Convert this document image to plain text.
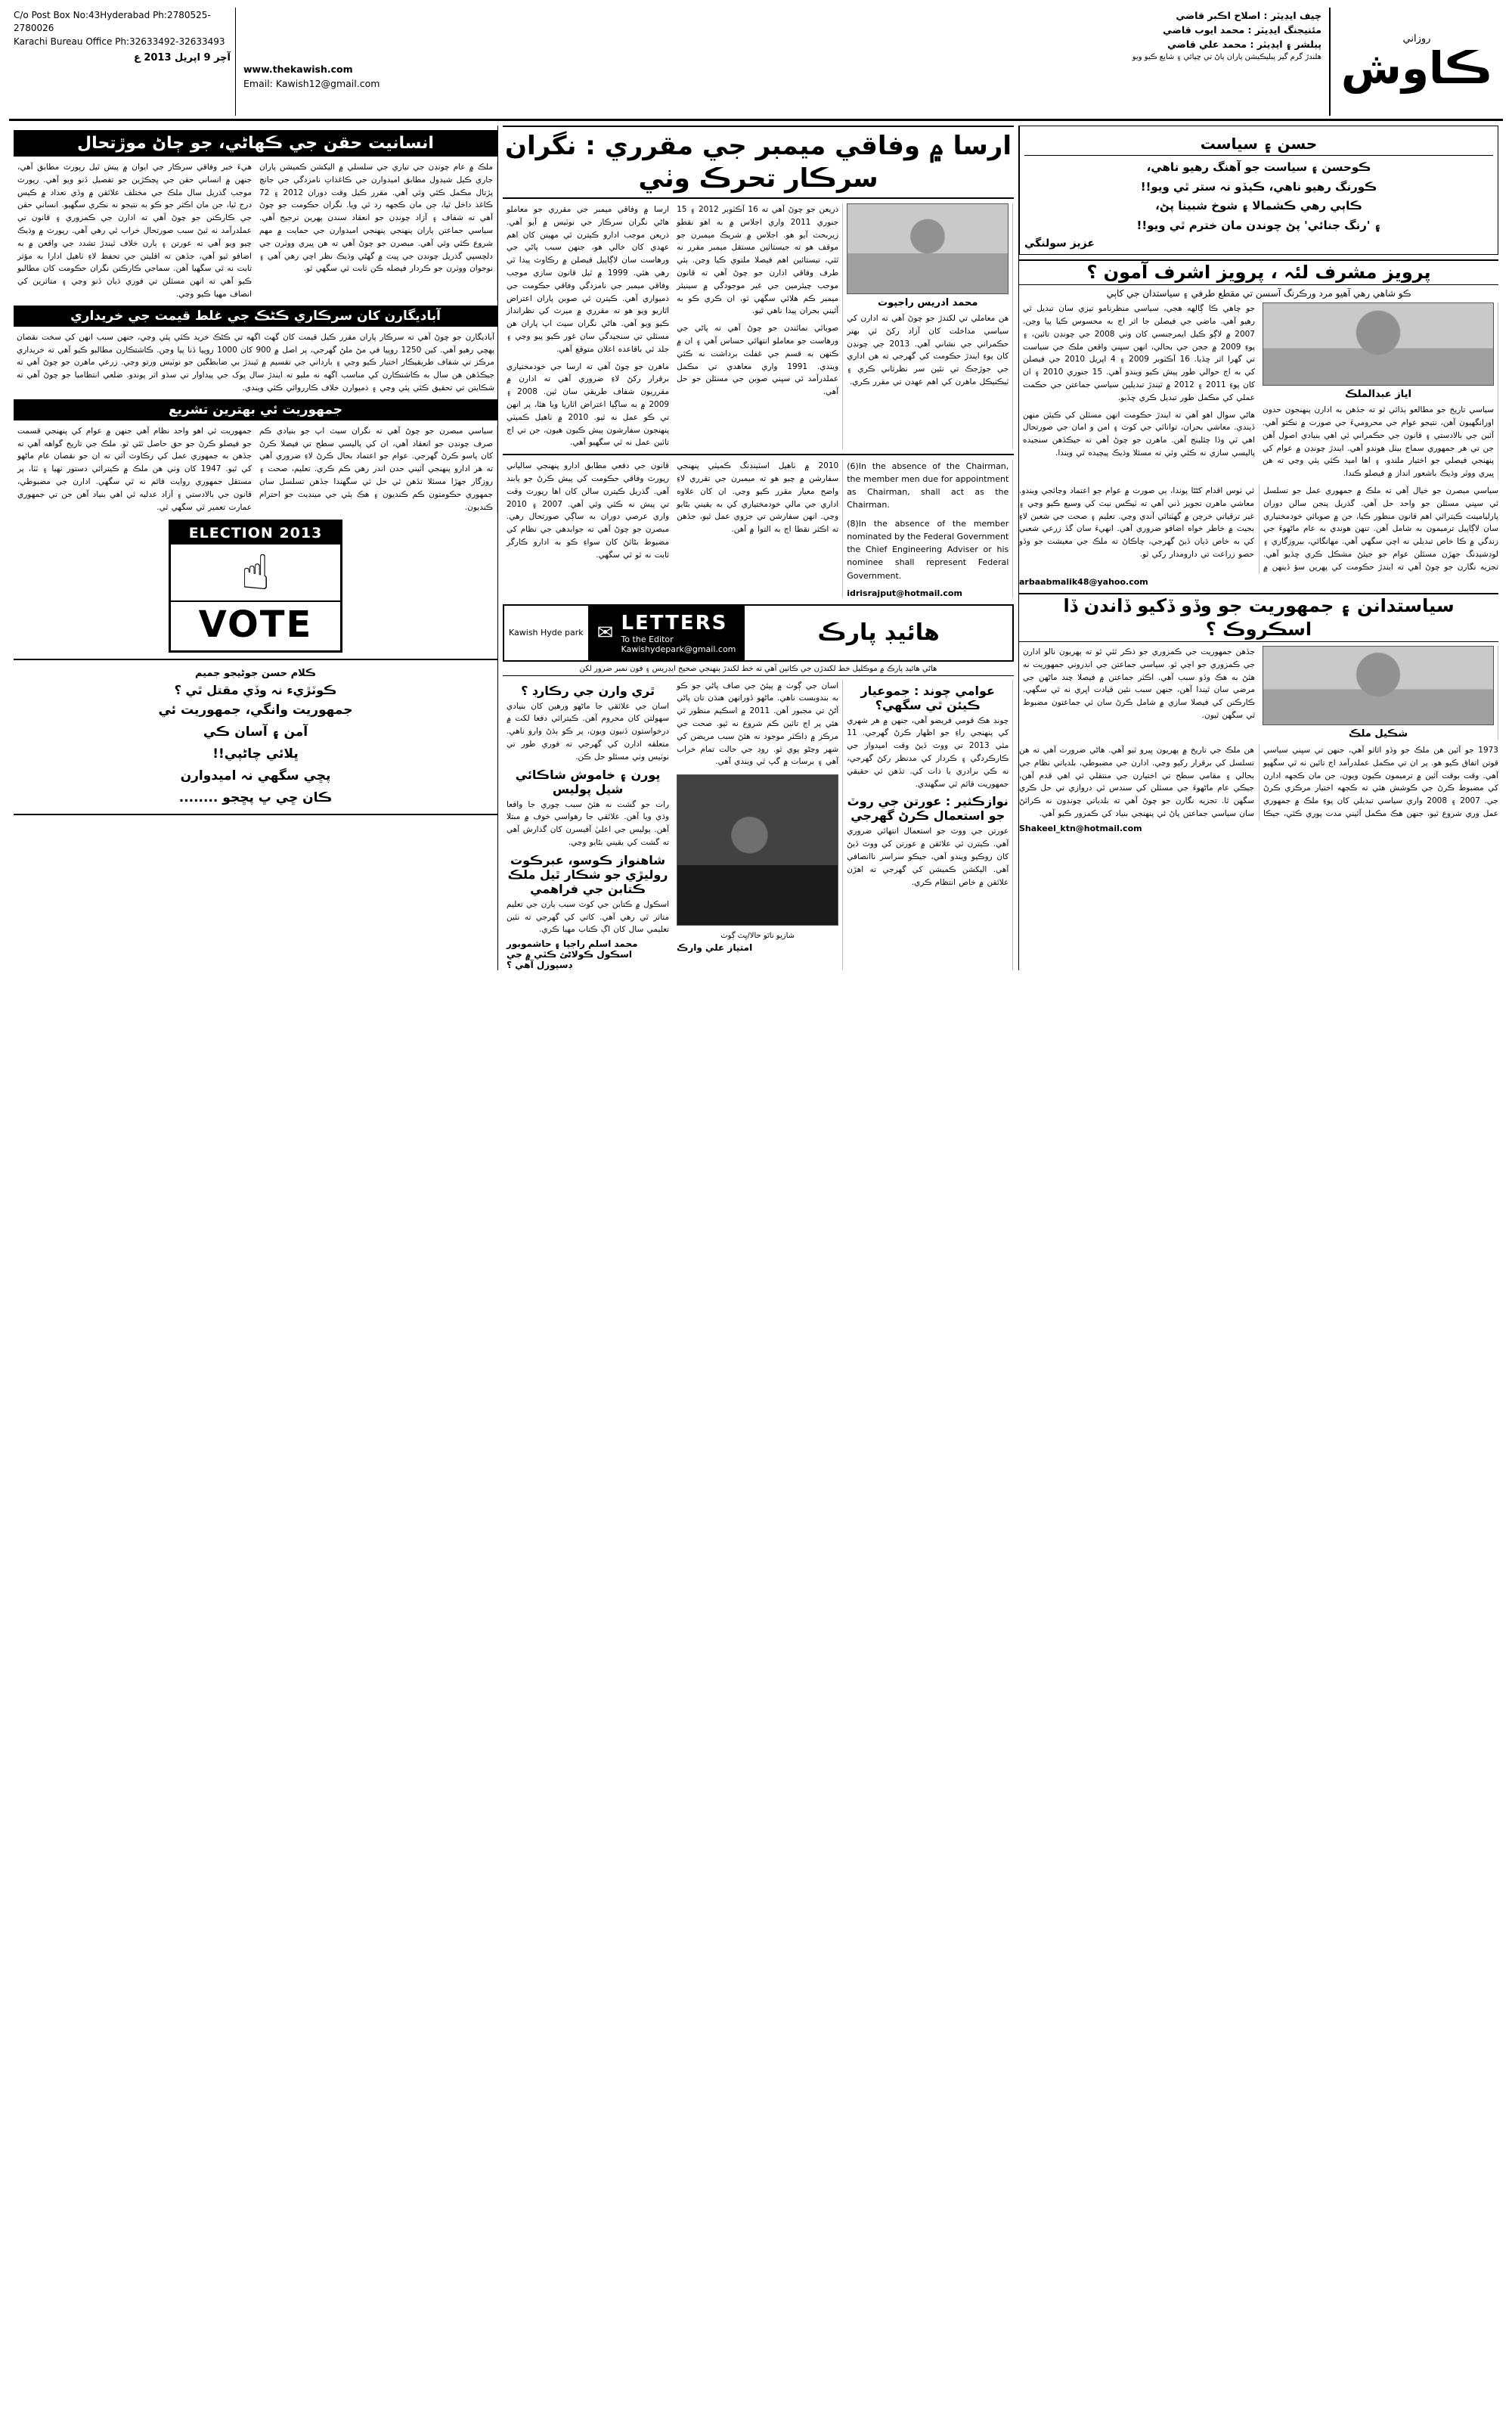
روزاني
ڪاوش
چيف ايڊيٽر : اصلاح اڪبر قاضي
مئنيجنگ ايڊيٽر : محمد ايوب قاضي
پبلشر ۽ ايڊيٽر : محمد علي قاضي
هلندڙ گرم گير پبليڪيشن پاران پاڻ تي ڇپائي ۽ شايع ڪيو ويو
www.thekawish.com
Email: Kawish12@gmail.com
C/o Post Box No:43Hyderabad Ph:2780525-2780026
Karachi Bureau Office Ph:32633492-32633493
آچر 9 اپريل 2013 ع
انسانيت حقن جي ڪهاڻي، جو ڄاڻ موڙتحال
هيءَ خبر وفاقي سرڪار جي ايوان ۾ پيش ٿيل رپورٽ مطابق آهي، جنهن ۾ انساني حقن جي ڀڃڪڙين جو تفصيل ڏنو ويو آهي. رپورٽ موجب گذريل سال ملڪ جي مختلف علائقن ۾ وڏي تعداد ۾ ڪيس درج ٿيا، جن مان اڪثر جو ڪو به نتيجو نه نڪري سگهيو. انساني حقن جي ڪارڪنن جو چوڻ آهي ته ادارن جي ڪمزوري ۽ قانون تي عملدرآمد نه ٿيڻ سبب صورتحال خراب ٿي رهي آهي. رپورٽ ۾ وڌيڪ چيو ويو آهي ته عورتن ۽ ٻارن خلاف ٿيندڙ تشدد جي واقعن ۾ به اضافو ٿيو آهي، جڏهن ته اقليتن جي تحفظ لاءِ ٺاهيل ادارا به مؤثر ثابت نه ٿي سگهيا آهن. سماجي ڪارڪنن نگران حڪومت کان مطالبو ڪيو آهي ته انهن مسئلن تي فوري ڌيان ڏنو وڃي ۽ متاثرين کي انصاف مهيا ڪيو وڃي.
ملڪ ۾ عام چونڊن جي تياري جي سلسلي ۾ الیکشن ڪميشن پاران جاري ڪيل شيڊول مطابق اميدوارن جي ڪاغذاتِ نامزدگي جي جانچ پڙتال مڪمل ڪئي وئي آهي. مقرر ڪيل وقت دوران 2012 ۽ 72 ڪاغذ داخل ٿيا، جن مان ڪجهه رد ٿي ويا. نگران حڪومت جو چوڻ آهي ته شفاف ۽ آزاد چونڊن جو انعقاد سندن پهرين ترجيح آهي. سياسي جماعتن پاران پنهنجي پنهنجي اميدوارن جي حمايت ۾ مهم شروع ڪئي وئي آهي. مبصرن جو چوڻ آهي ته هن ڀيري ووٽرن جي دلچسپي گذريل چونڊن جي ڀيٽ ۾ گهڻي وڌيڪ نظر اچي رهي آهي ۽ نوجوان ووٽرن جو ڪردار فيصله ڪن ثابت ٿي سگهي ٿو.
آباديگارن کان سرڪاري ڪڻڪ جي غلط قيمت جي خريداري
آباديگارن جو چوڻ آهي ته سرڪار پاران مقرر ڪيل قيمت کان گهٽ اگهه تي ڪڻڪ خريد ڪئي پئي وڃي، جنهن سبب انهن کي سخت نقصان پهچي رهيو آهي. کين 1250 روپيا في مڻ ملڻ گهرجي، پر اصل ۾ 900 کان 1000 روپيا ڏنا پيا وڃن. ڪاشتڪارن مطالبو ڪيو آهي ته خريداري مرڪز تي شفاف طريقيڪار اختيار ڪيو وڃي ۽ بارداني جي تقسيم ۾ ٿيندڙ بي ضابطگين جو نوٽيس ورتو وڃي. زرعي ماهرن جو چوڻ آهي ته جيڪڏهن هن سال به ڪاشتڪارن کي مناسب اگهه نه مليو ته ايندڙ سال پوک جي پيداوار تي سڌو اثر پوندو. ضلعي انتظاميا جو چوڻ آهي ته شڪايتن تي تحقيق ڪئي پئي وڃي ۽ ذميوارن خلاف ڪارروائي ڪئي ويندي.
جمهوريت ئي بهترين تشريع
جمهوريت ئي اهو واحد نظام آهي جنهن ۾ عوام کي پنهنجي قسمت جو فيصلو ڪرڻ جو حق حاصل ٿئي ٿو. ملڪ جي تاريخ گواهه آهي ته جڏهن به جمهوري عمل کي رڪاوٽ آئي ته ان جو نقصان عام ماڻهو کي ٿيو. 1947 کان وٺي هن ملڪ ۾ ڪيترائي دستور ٺهيا ۽ ٽٽا، پر مستقل جمهوري روايت قائم نه ٿي سگهي. ادارن جي مضبوطي، قانون جي بالادستي ۽ آزاد عدليه ئي اهي بنياد آهن جن تي جمهوري عمارت تعمير ٿي سگهي ٿي.
سياسي مبصرن جو چوڻ آهي ته نگران سيٽ اپ جو بنيادي ڪم صرف چونڊن جو انعقاد آهي، ان کي پاليسي سطح تي فيصلا ڪرڻ کان پاسو ڪرڻ گهرجي. عوام جو اعتماد بحال ڪرڻ لاءِ ضروري آهي ته هر ادارو پنهنجي آئيني حدن اندر رهي ڪم ڪري. تعليم، صحت ۽ روزگار جهڙا مسئلا تڏهن ئي حل ٿي سگهندا جڏهن تسلسل سان جمهوري حڪومتون ڪم ڪنديون ۽ هڪ ٻئي جي مينڊيٽ جو احترام ڪنديون.
ELECTION 2013
☝
VOTE
ڪلام حسن جوڻيجو جميم
ڪوٽڙيء نہ وڏي مقتل ٿي ؟
جمهوريت وانگي، جمهوريت ئي
آمن ۽ آسان ڪي
ڀلائي چاڻپي!!
پڇي سگهي نہ اميدوارن
ڪان ڇي ڀ پڇجو ........
ارسا ۾ وفاقي ميمبر جي مقرري : نگران سرڪار تحرڪ وٺي
ارسا ۾ وفاقي ميمبر جي مقرري جو معاملو هاڻي نگران سرڪار جي نوٽيس ۾ آيو آهي. ذريعن موجب ادارو ڪيترن ئي مهينن کان اهم عهدي کان خالي هو، جنهن سبب پاڻي جي ورهاست سان لاڳاپيل فيصلن ۾ رڪاوٽ پيدا ٿي رهي هئي. 1999 ۾ ٿيل قانون سازي موجب وفاقي ميمبر جي نامزدگي وفاقي حڪومت جي ذميواري آهي. ڪيترن ئي صوبن پاران اعتراض اٿاريو ويو هو ته مقرري ۾ ميرٽ کي نظرانداز ڪيو ويو آهي. هاڻي نگران سيٽ اپ پاران هن مسئلي تي سنجيدگي سان غور ڪيو پيو وڃي ۽ جلد ئي باقاعده اعلان متوقع آهي.
ماهرن جو چوڻ آهي ته ارسا جي خودمختياري برقرار رکڻ لاءِ ضروري آهي ته ادارن ۾ مقرريون شفاف طريقي سان ٿين. 2008 ۽ 2009 ۾ به ساڳيا اعتراض اٿاريا ويا هئا، پر انهن تي ڪو عمل نه ٿيو. 2010 ۾ ٺاهيل ڪميٽي پنهنجون سفارشون پيش ڪيون هيون، جن تي اڄ تائين عمل نه ٿي سگهيو آهي.
ذريعن جو چوڻ آهي ته 16 آڪٽوبر 2012 ۽ 15 جنوري 2011 واري اجلاس ۾ به اهو نقطو زيربحث آيو هو. اجلاس ۾ شريڪ ميمبرن جو موقف هو ته جيستائين مستقل ميمبر مقرر نه ٿئي، تيستائين اهم فيصلا ملتوي ڪيا وڃن. ٻئي طرف وفاقي ادارن جو چوڻ آهي ته قانون موجب چيئرمين جي غير موجودگي ۾ سينيئر ميمبر ڪم هلائي سگهي ٿو، ان ڪري ڪو به آئيني بحران پيدا ناهي ٿيو.
صوبائي نمائندن جو چوڻ آهي ته پاڻي جي ورهاست جو معاملو انتهائي حساس آهي ۽ ان ۾ ڪنهن به قسم جي غفلت برداشت نه ڪئي ويندي. 1991 واري معاهدي تي مڪمل عملدرآمد ئي سڀني صوبن جي مسئلن جو حل آهي.
محمد ادريس راجپوت
هن معاملي تي لکندڙ جو چوڻ آهي ته ادارن کي سياسي مداخلت کان آزاد رکڻ ئي بهتر حڪمراني جي نشاني آهي. 2013 جي چونڊن کان پوءِ ايندڙ حڪومت کي گهرجي ته هن اداري جي جوڙجڪ تي نئين سر نظرثاني ڪري ۽ ٽيڪنيڪل ماهرن کي اهم عهدن تي مقرر ڪري.
قانون جي دفعي مطابق ادارو پنهنجي سالياني رپورٽ وفاقي حڪومت کي پيش ڪرڻ جو پابند آهي. گذريل ڪيترن سالن کان اها رپورٽ وقت تي پيش نه ڪئي وئي آهي. 2007 ۽ 2010 واري عرصي دوران به ساڳي صورتحال رهي. مبصرن جو چوڻ آهي ته جوابدهي جي نظام کي مضبوط بڻائڻ کان سواءِ ڪو به ادارو ڪارگر ثابت نه ٿو ٿي سگهي.
2010 ۾ ٺاهيل اسٽينڊنگ ڪميٽي پنهنجي سفارشن ۾ چيو هو ته ميمبرن جي تقرري لاءِ واضح معيار مقرر ڪيو وڃي. ان کان علاوه اداري جي مالي خودمختياري کي به يقيني بڻايو وڃي. انهن سفارشن تي جزوي عمل ٿيو، جڏهن ته اڪثر نقطا اڄ به التوا ۾ آهن.
(6)In the absence of the Chairman, the member men due for appointment as Chairman, shall act as the Chairman.
(8)In the absence of the member nominated by the Federal Government the Chief Engineering Adviser or his nominee shall represent Federal Government.
idrisrajput@hotmail.com
هائيڊ پارڪ
✉ LETTERS
To the Editor
Kawishydepark@gmail.com
Kawish Hyde park
هاڻي هائيڊ پارڪ ۾ موڪليل خط لکندڙن جي ڪاٺين آهي ته خط لکندڙ پنهنجي صحيح ايڊريس ۽ فون نمبر ضرور لکن
ٿري وارن جي رڪارڊ ؟
اسان جي علائقي جا ماڻهو ورهين کان بنيادي سهولتن کان محروم آهن. ڪيترائي دفعا لکت ۾ درخواستون ڏنيون ويون، پر ڪو ٻڌڻ وارو ناهي. متعلقه ادارن کي گهرجي ته فوري طور تي نوٽيس وٺي مسئلو حل ڪن.
ڀورن ۽ خاموش شاڪائي شيل پوليس
رات جو گشت نه هئڻ سبب چوري جا واقعا وڌي ويا آهن. علائقي جا رهواسي خوف ۾ مبتلا آهن. پوليس جي اعليٰ آفيسرن کان گذارش آهي ته گشت کي يقيني بڻايو وڃي.
شاهنواز ڪوسو، عبرڪوت روليڙي جو شڪار ٿيل ملڪ ڪتابن جي فراهمي
اسڪول ۾ ڪتابن جي کوٽ سبب ٻارن جي تعليم متاثر ٿي رهي آهي. کاتي کي گهرجي ته نئين تعليمي سال کان اڳ ڪتاب مهيا ڪري.
محمد اسلم راجپا ۽ حاشموبور اسڪول ڪولاڻئ ڪٿي ۾ جي ڊسپوزل آهي ؟
اسان جي ڳوٺ ۾ پيئڻ جي صاف پاڻي جو ڪو به بندوبست ناهي. ماڻهو ڏورانهن هنڌن تان پاڻي آڻڻ تي مجبور آهن. 2011 ۾ اسڪيم منظور ٿي هئي پر اڄ تائين ڪم شروع نه ٿيو. صحت جي مرڪز ۾ ڊاڪٽر موجود نه هئڻ سبب مريضن کي شهر وڃڻو پوي ٿو. روڊ جي حالت تمام خراب آهي ۽ برسات ۾ گپ ٿي ويندي آهي.
شازيو ناٿو حالا/ڀٽ ڳوٺ
امتياز علي وارڪ
عوامي چوند : جموعيار ڪيئن ٿي سگهي؟
چونڊ هڪ قومي فريضو آهي، جنهن ۾ هر شهري کي پنهنجي راءِ جو اظهار ڪرڻ گهرجي. 11 مئي 2013 تي ووٽ ڏيڻ وقت اميدوار جي ڪارڪردگي ۽ ڪردار کي مدنظر رکڻ گهرجي، نه ڪي برادري يا ذات کي. تڏهن ئي حقيقي جمهوريت قائم ٿي سگهندي.
نوازڪثير : عورتن جي روٽ جو استعمال ڪرڻ گهرجي
عورتن جي ووٽ جو استعمال انتهائي ضروري آهي. ڪيترن ئي علائقن ۾ عورتن کي ووٽ ڏيڻ کان روڪيو ويندو آهي، جيڪو سراسر ناانصافي آهي. الیکشن ڪميشن کي گهرجي ته اهڙن علائقن ۾ خاص انتظام ڪري.
حسن ۽ سياست
ڪوحسن ۽ سياست جو آهنگ رهيو ناهي،
ڪورنگ رهيو ناهي، ڪيڏو نہ ستر ٿي ويو!!
ڪاٻي رهي ڪشمالا ۽ شوخ شبينا پڻ،
۽ 'رنگ جنائي' پڻ چوندن مان خترم ٿي ويو!!
عزيز سولنگي
پرويز مشرف لئہ ، پرويز اشرف آمون ؟
ڪو شاهي رهي آهيو مرد ورڪرنگ آسسن تي مقطع طرفي ۽ سياستدان جي کاٻي
جو چاهي ڪا ڳالهه هجي، سياسي منظرنامو تيزي سان تبديل ٿي رهيو آهي. ماضي جي فيصلن جا اثر اڄ به محسوس ڪيا پيا وڃن. 2007 ۾ لاڳو ڪيل ايمرجنسي کان وٺي 2008 جي چونڊن تائين، ۽ پوءِ 2009 ۾ ججن جي بحالي، انهن سڀني واقعن ملڪ جي سياست تي گهرا اثر ڇڏيا. 16 آڪٽوبر 2009 ۽ 4 اپريل 2010 جي فيصلن کي به اڄ حوالي طور پيش ڪيو ويندو آهي. 15 جنوري 2010 ۽ ان کان پوءِ 2011 ۽ 2012 ۾ ٿيندڙ تبديلين سياسي جماعتن جي حڪمت عملي کي مڪمل طور تبديل ڪري ڇڏيو.
هاڻي سوال اهو آهي ته ايندڙ حڪومت انهن مسئلن کي ڪيئن منهن ڏيندي. معاشي بحران، توانائي جي کوٽ ۽ امن و امان جي صورتحال اهي ٽي وڏا چئلينج آهن. ماهرن جو چوڻ آهي ته جيڪڏهن سنجيده پاليسي سازي نه ڪئي وئي ته مسئلا وڌيڪ پيچيده ٿي ويندا.
اياز عبدالملڪ
سياسي تاريخ جو مطالعو ٻڌائي ٿو ته جڏهن به ادارن پنهنجون حدون اورانگهيون آهن، نتيجو عوام جي محروميءَ جي صورت ۾ نڪتو آهي. آئين جي بالادستي ۽ قانون جي حڪمراني ئي اهي بنيادي اصول آهن جن تي هر جمهوري سماج بيٺل هوندو آهي. ايندڙ چونڊن ۾ عوام کي پنهنجي فيصلي جو اختيار ملندو، ۽ اها اميد ڪئي پئي وڃي ته هن ڀيري ووٽر وڌيڪ باشعور انداز ۾ فيصلو ڪندا.
سياسي مبصرن جو خيال آهي ته ملڪ ۾ جمهوري عمل جو تسلسل ئي سڀني مسئلن جو واحد حل آهي. گذريل پنجن سالن دوران پارليامينٽ ڪيترائي اهم قانون منظور ڪيا، جن ۾ صوبائي خودمختياري سان لاڳاپيل ترميمون به شامل آهن. تنهن هوندي به عام ماڻهوءَ جي زندگي ۾ ڪا خاص تبديلي نه اچي سگهي آهي. مهانگائي، بيروزگاري ۽ لوڊشيڊنگ جهڙن مسئلن عوام جو جيئڻ مشڪل ڪري ڇڏيو آهي. تجزيه نگارن جو چوڻ آهي ته ايندڙ حڪومت کي پهرين سؤ ڏينهن ۾ ئي ٺوس اقدام کڻڻا پوندا، ٻي صورت ۾ عوام جو اعتماد وڃائجي ويندو. معاشي ماهرن تجويز ڏني آهي ته ٽيڪس نيٽ کي وسيع ڪيو وڃي ۽ غير ترقياتي خرچن ۾ گهٽتائي آندي وڃي. تعليم ۽ صحت جي شعبن لاءِ بجيٽ ۾ خاطر خواه اضافو ضروري آهي. انهيءَ سان گڏ زرعي شعبي کي به خاص ڌيان ڏيڻ گهرجي، ڇاڪاڻ ته ملڪ جي معيشت جو وڏو حصو زراعت تي دارومدار رکي ٿو.
arbaabmalik48@yahoo.com
سياستدانن ۽ جمهوريت جو وڏو ڏکيو ڏاندن ڏا اسڪروڪ ؟
جڏهن جمهوريت جي ڪمزوري جو ذڪر ٿئي ٿو ته پهريون نالو ادارن جي ڪمزوري جو اچي ٿو. سياسي جماعتن جي اندروني جمهوريت نه هئڻ به هڪ وڏو سبب آهي. اڪثر جماعتن ۾ فيصلا چند ماڻهن جي مرضي سان ٿيندا آهن، جنهن سبب نئين قيادت اڀري نه ٿي سگهي. ڪارڪنن کي فيصلا سازي ۾ شامل ڪرڻ سان ئي جماعتون مضبوط ٿي سگهن ٿيون.
شڪيل ملڪ
1973 جو آئين هن ملڪ جو وڏو اثاثو آهي، جنهن تي سڀني سياسي قوتن اتفاق ڪيو هو. پر ان تي مڪمل عملدرآمد اڄ تائين نه ٿي سگهيو آهي. وقت بوقت آئين ۾ ترميمون ڪيون ويون، جن مان ڪجهه ادارن کي مضبوط ڪرڻ جي ڪوشش هئي ته ڪجهه اختيار مرڪزي ڪرڻ جي. 2007 ۽ 2008 واري سياسي تبديلي کان پوءِ ملڪ ۾ جمهوري عمل وري شروع ٿيو، جنهن هڪ مڪمل آئيني مدت پوري ڪئي، جيڪا هن ملڪ جي تاريخ ۾ پهريون ڀيرو ٿيو آهي. هاڻي ضرورت آهي ته هن تسلسل کي برقرار رکيو وڃي. ادارن جي مضبوطي، بلدياتي نظام جي بحالي ۽ مقامي سطح تي اختيارن جي منتقلي ئي اهي قدم آهن، جيڪي عام ماڻهوءَ جي مسئلن کي سندس ئي دروازي تي حل ڪري سگهن ٿا. تجزيه نگارن جو چوڻ آهي ته بلدياتي چونڊون نه ڪرائڻ سان سياسي جماعتن پاڻ ئي پنهنجي بنياد کي ڪمزور ڪيو آهي.
Shakeel_ktn@hotmail.com
